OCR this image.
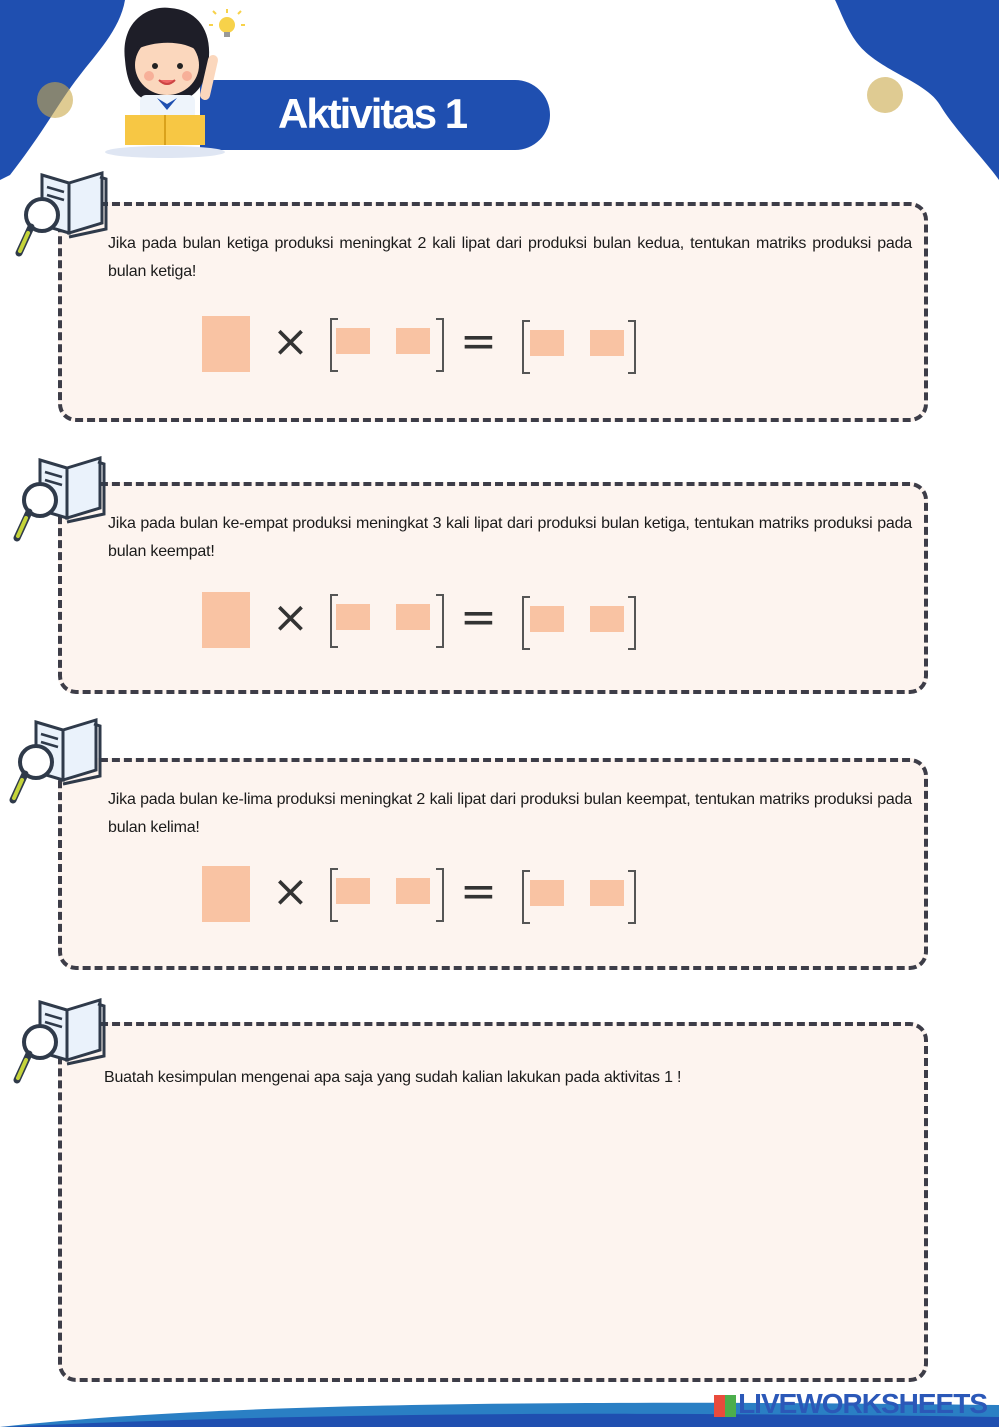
Aktivitas 1
Jika pada bulan ketiga produksi meningkat 2 kali lipat dari produksi bulan kedua, tentukan matriks produksi pada bulan ketiga!
×	=
Jika pada bulan ke-empat produksi meningkat 3 kali lipat dari produksi bulan ketiga, tentukan matriks produksi pada bulan keempat!
×	=
Jika pada bulan ke-lima produksi meningkat 2 kali lipat dari produksi bulan keempat, tentukan matriks produksi pada bulan kelima!
×	=
Buatah kesimpulan mengenai apa saja yang sudah kalian lakukan pada aktivitas 1 !
LIVEWORKSHEETS
